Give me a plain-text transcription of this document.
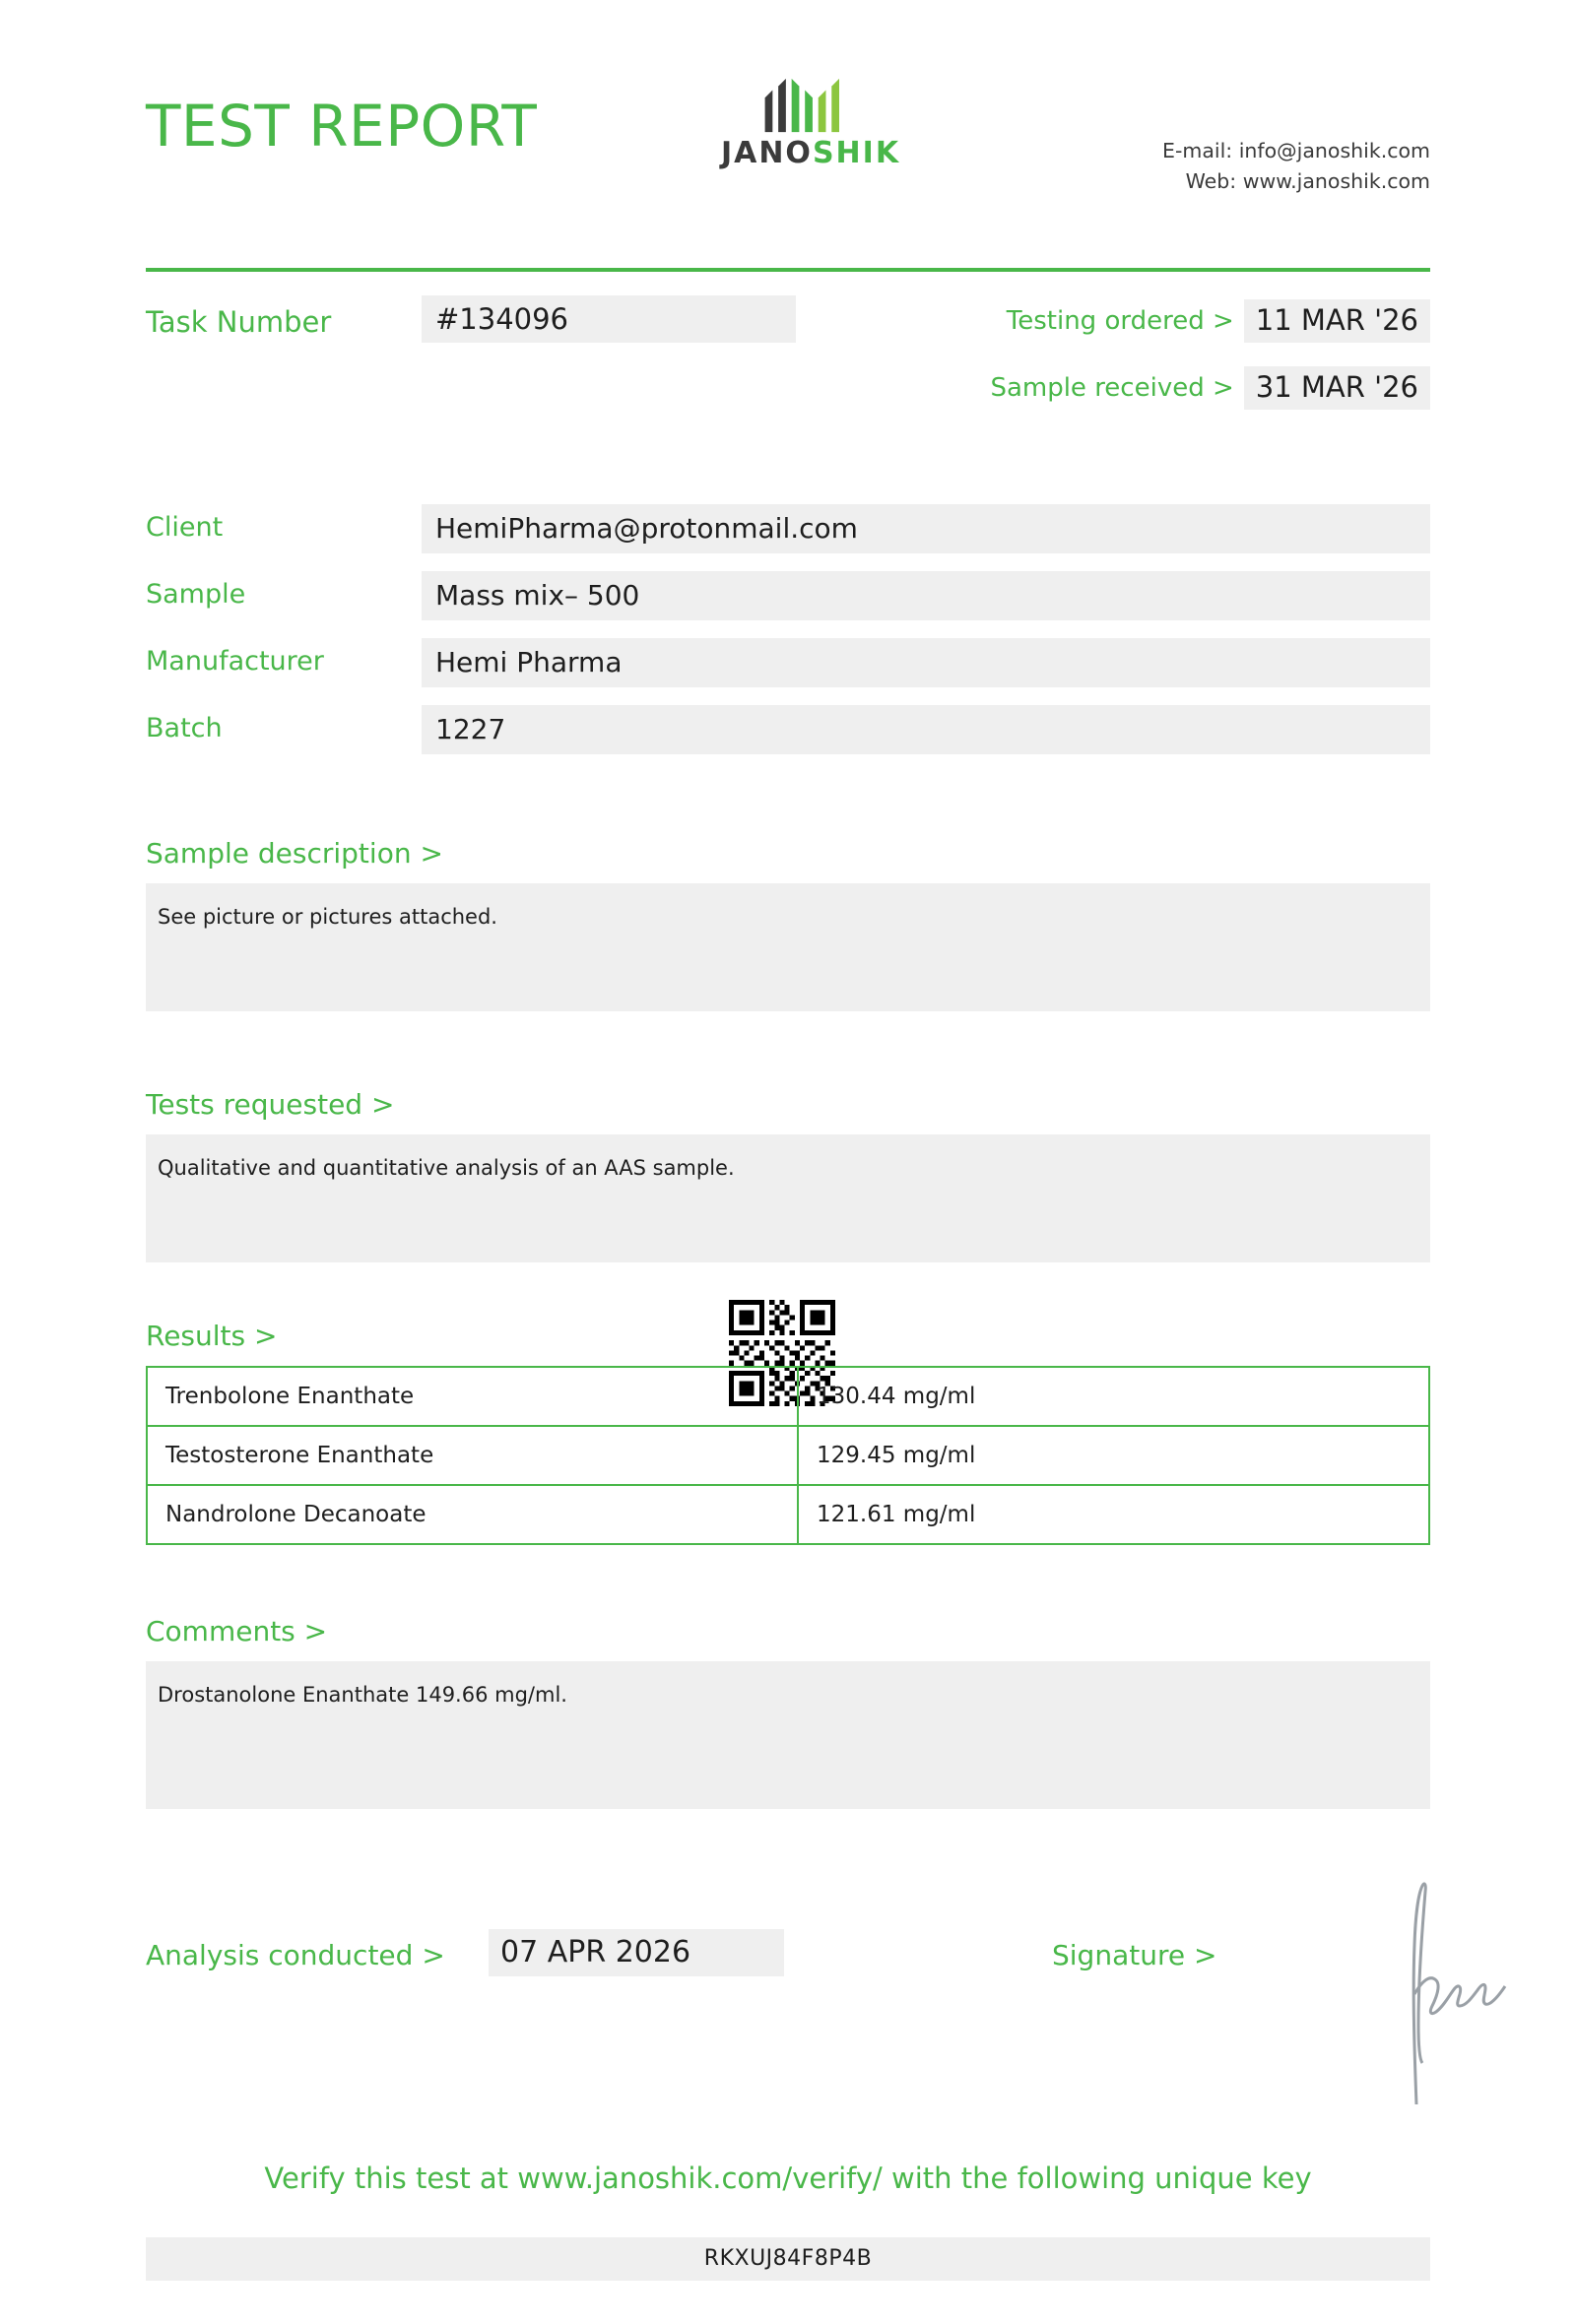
TEST REPORT	JANOSHIK	E-mail: info@janoshik.com
Web: www.janoshik.com
Task Number	#134096	Testing ordered > 11 MAR '26
Sample received > 31 MAR '26
Client	HemiPharma@protonmail.com
Sample	Mass mix– 500
Manufacturer	Hemi Pharma
Batch	1227
Sample description >
See picture or pictures attached.
Tests requested >
Qualitative and quantitative analysis of an AAS sample.
Results >
Trenbolone Enanthate	130.44 mg/ml
Testosterone Enanthate	129.45 mg/ml
Nandrolone Decanoate	121.61 mg/ml
Comments >
Drostanolone Enanthate 149.66 mg/ml.
Analysis conducted >	07 APR 2026	Signature >
Verify this test at www.janoshik.com/verify/ with the following unique key
RKXUJ84F8P4B
